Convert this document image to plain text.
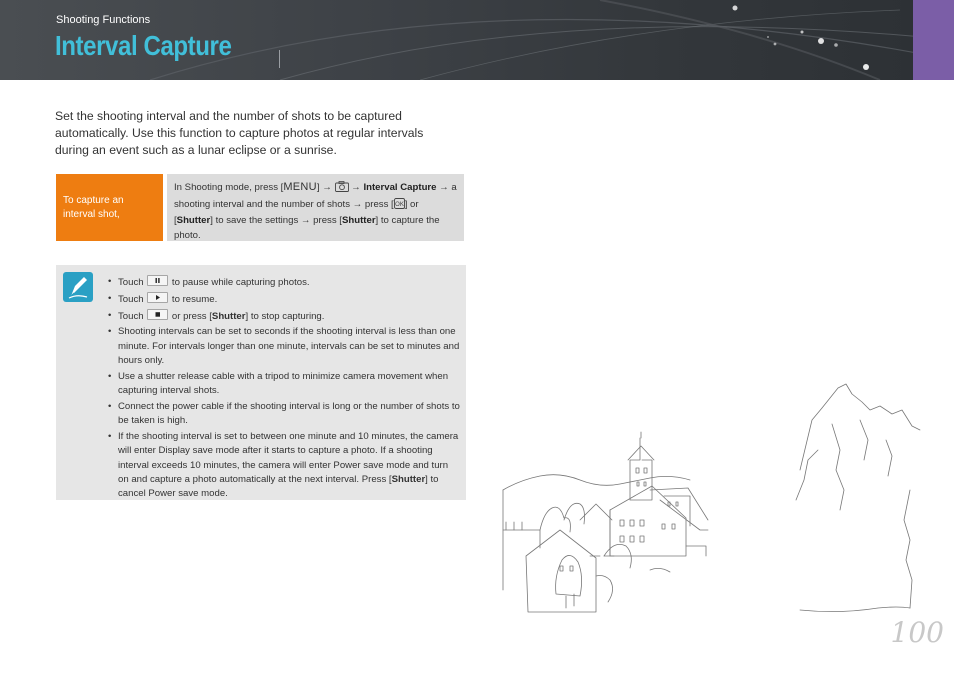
Shooting Functions
Interval Capture
Set the shooting interval and the number of shots to be captured automatically. Use this function to capture photos at regular intervals during an event such as a lunar eclipse or a sunrise.
To capture an interval shot,
In Shooting mode, press [MENU] →  → Interval Capture → a shooting interval and the number of shots → press [ OK ] or [Shutter] to save the settings → press [Shutter] to capture the photo.
• Touch
to pause while capturing photos.
• Touch
to resume.
• Touch
or press [Shutter] to stop capturing.
• Shooting intervals can be set to seconds if the shooting interval is less than one minute. For intervals longer than one minute, intervals can be set to minutes and hours only.
• Use a shutter release cable with a tripod to minimize camera movement when capturing interval shots.
• Connect the power cable if the shooting interval is long or the number of shots to be taken is high.
• If the shooting interval is set to between one minute and 10 minutes, the camera will enter Display save mode after it starts to capture a photo. If a shooting interval exceeds 10 minutes, the camera will enter Power save mode and turn on and capture a photo automatically at the next interval. Press [Shutter] to cancel Power save mode.
100
